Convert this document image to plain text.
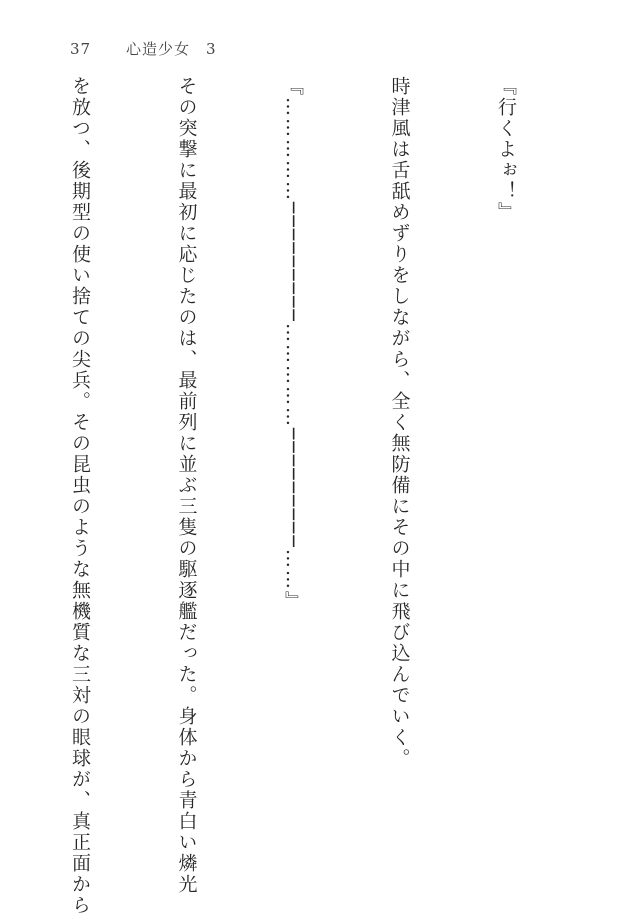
37 心造少女　3

『行くよぉ！』

時津風は舌舐めずりをしながら、全く無防備にその中に飛び込んでいく。

『……………─────────……………─────────……』

その突撃に最初に応じたのは、最前列に並ぶ三隻の駆逐艦だった。身体から青白い燐光

を放つ、後期型の使い捨ての尖兵。その昆虫のような無機質な三対の眼球が、真正面から
